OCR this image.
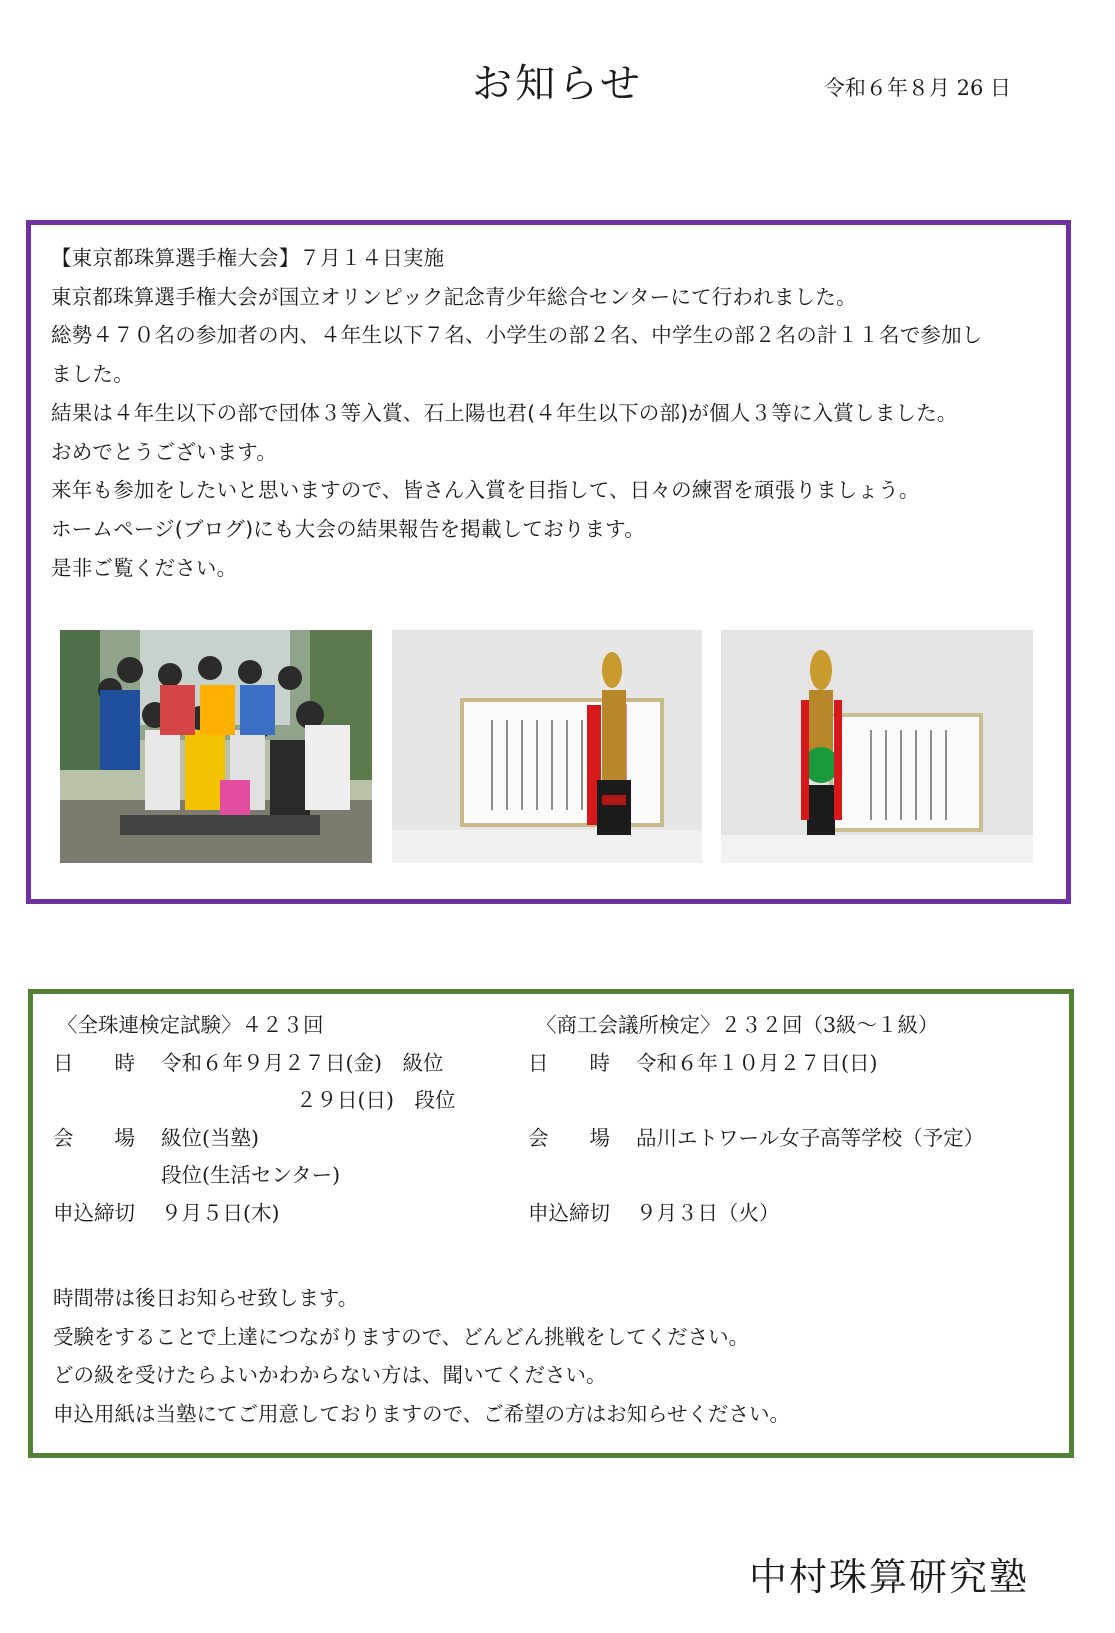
お知らせ	令和６年８月 26 日
【東京都珠算選手権大会】７月１４日実施
東京都珠算選手権大会が国立オリンピック記念青少年総合センターにて行われました。
総勢４７０名の参加者の内、４年生以下７名、小学生の部２名、中学生の部２名の計１１名で参加し
ました。
結果は４年生以下の部で団体３等入賞、石上陽也君(４年生以下の部)が個人３等に入賞しました。
おめでとうございます。
来年も参加をしたいと思いますので、皆さん入賞を目指して、日々の練習を頑張りましょう。
ホームページ(ブログ)にも大会の結果報告を掲載しております。
是非ご覧ください。
〈全珠連検定試験〉４２３回
日　　時 令和６年９月２７日(金)　級位
２９日(日)　段位
会　　場 級位(当塾)
段位(生活センター)
申込締切 ９月５日(木)
〈商工会議所検定〉２３２回（3級～１級）
日　　時 令和６年１０月２７日(日)
会　　場 品川エトワール女子高等学校（予定）
申込締切 ９月３日（火）
時間帯は後日お知らせ致します。
受験をすることで上達につながりますので、どんどん挑戦をしてください。
どの級を受けたらよいかわからない方は、聞いてください。
申込用紙は当塾にてご用意しておりますので、ご希望の方はお知らせください。
中村珠算研究塾
